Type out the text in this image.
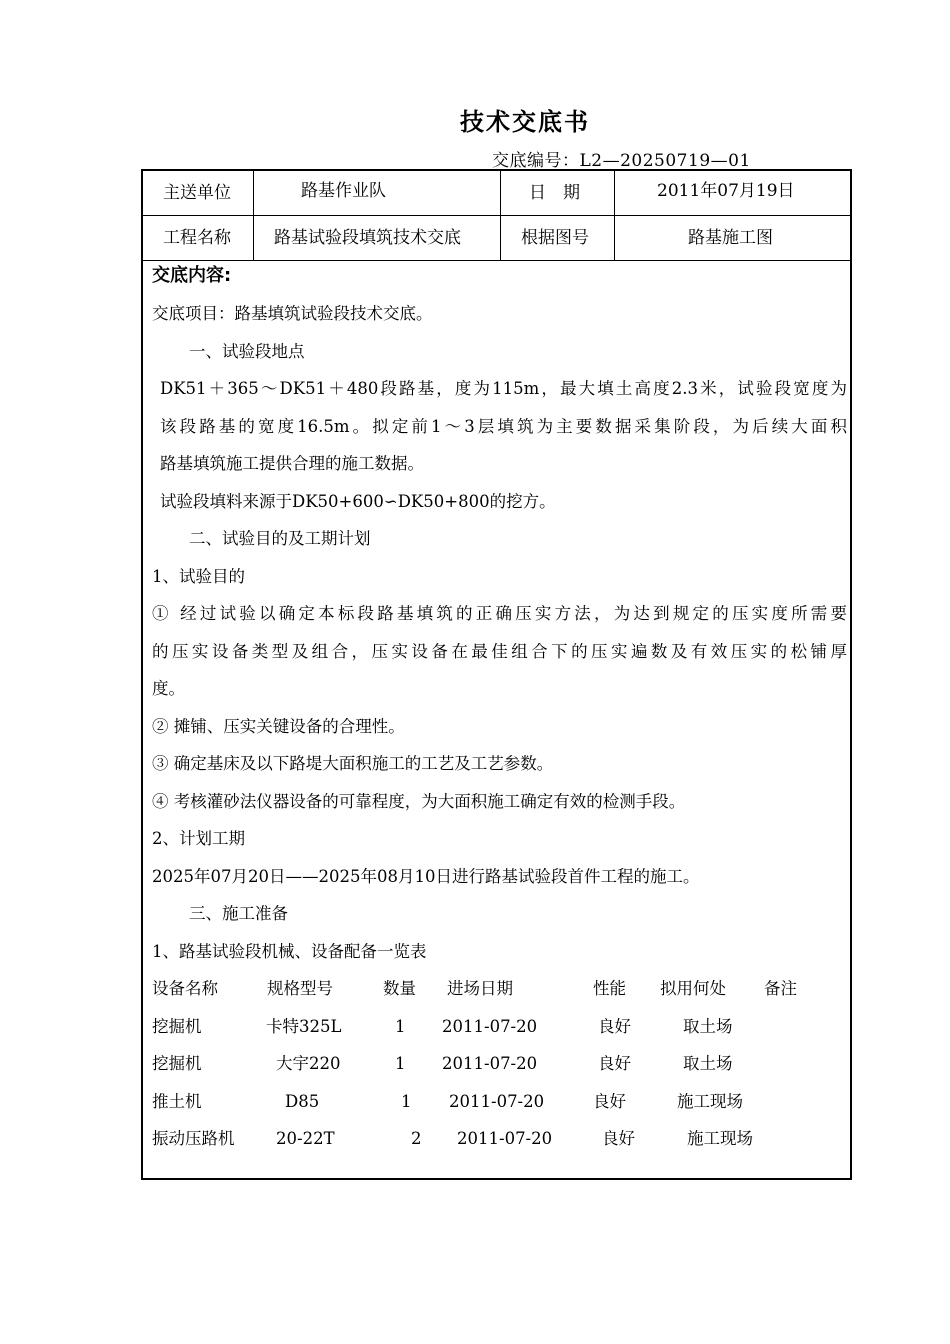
技术交底书
交底编号：L2—20250719—01
主送单位	路基作业队	日　期	2011年07月19日
工程名称	路基试验段填筑技术交底	根据图号	路基施工图

交底内容:

交底项目：路基填筑试验段技术交底。

一、试验段地点

DK51＋365～DK51＋480段路基，度为115m，最大填土高度2.3米，试验段宽度为

该段路基的宽度16.5m。拟定前1～3层填筑为主要数据采集阶段，为后续大面积

路基填筑施工提供合理的施工数据。

试验段填料来源于DK50+600∽DK50+800的挖方。

二、试验目的及工期计划

1、试验目的

① 经过试验以确定本标段路基填筑的正确压实方法，为达到规定的压实度所需要

的压实设备类型及组合，压实设备在最佳组合下的压实遍数及有效压实的松铺厚

度。

② 摊铺、压实关键设备的合理性。

③ 确定基床及以下路堤大面积施工的工艺及工艺参数。

④ 考核灌砂法仪器设备的可靠程度，为大面积施工确定有效的检测手段。

2、计划工期

2025年07月20日——2025年08月10日进行路基试验段首件工程的施工。

三、施工准备

1、路基试验段机械、设备配备一览表

设备名称	规格型号	数量 进场日期	性能 拟用何处 备注
挖掘机	卡特325L	1 2011-07-20	良好	取土场
挖掘机	大宇220	1 2011-07-20	良好	取土场
推土机	D85	1 2011-07-20	良好	施工现场
振动压路机	20-22T	2 2011-07-20	良好	施工现场
